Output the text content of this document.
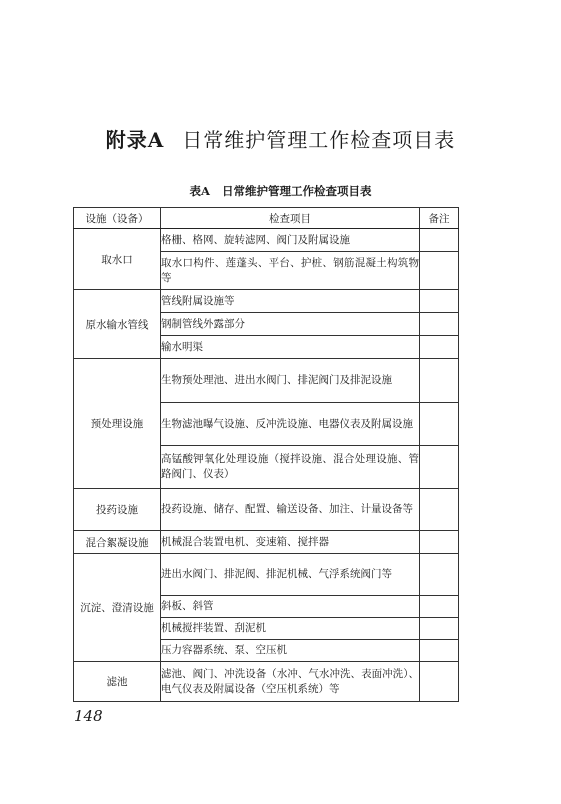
附录A 日常维护管理工作检查项目表
表A 日常维护管理工作检查项目表
设施（设备）	检查项目	备注
取水口	格栅、格网、旋转滤网、阀门及附属设施	
	取水口构件、莲蓬头、平台、护桩、钢筋混凝土构筑物等	
原水输水管线	管线附属设施等	
	钢制管线外露部分	
	输水明渠	
预处理设施	生物预处理池、进出水阀门、排泥阀门及排泥设施	
	生物滤池曝气设施、反冲洗设施、电器仪表及附属设施	
	高锰酸钾氧化处理设施（搅拌设施、混合处理设施、管路阀门、仪表）	
投药设施	投药设施、储存、配置、输送设备、加注、计量设备等	
混合絮凝设施	机械混合装置电机、变速箱、搅拌器	
沉淀、澄清设施	进出水阀门、排泥阀、排泥机械、气浮系统阀门等	
	斜板、斜管	
	机械搅拌装置、刮泥机	
	压力容器系统、泵、空压机	
滤池	滤池、阀门、冲洗设备（水冲、气水冲洗、表面冲洗）、电气仪表及附属设备（空压机系统）等	
148
